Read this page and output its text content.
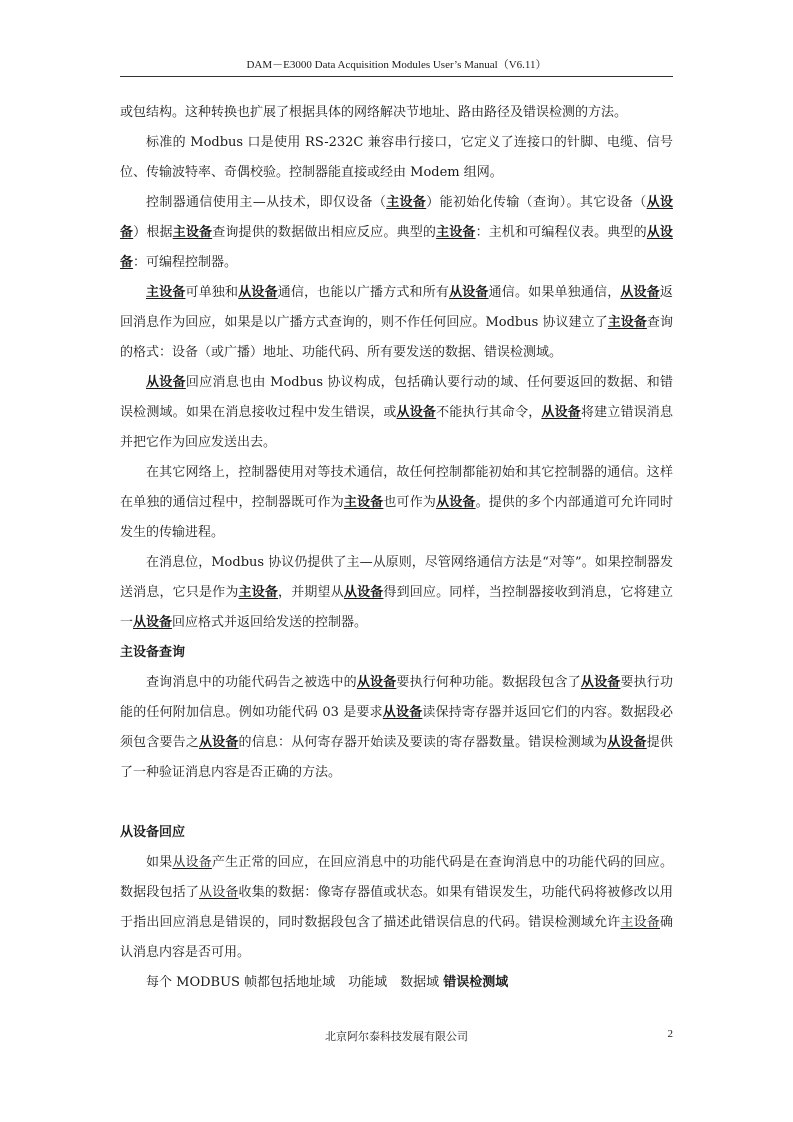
DAM－E3000 Data Acquisition Modules User’s Manual（V6.11）

或包结构。这种转换也扩展了根据具体的网络解决节地址、路由路径及错误检测的方法。

标准的 Modbus 口是使用 RS-232C 兼容串行接口，它定义了连接口的针脚、电缆、信号位、传输波特率、奇偶校验。控制器能直接或经由 Modem 组网。

控制器通信使用主—从技术，即仅设备（主设备）能初始化传输（查询）。其它设备（从设备）根据主设备查询提供的数据做出相应反应。典型的主设备：主机和可编程仪表。典型的从设备：可编程控制器。

主设备可单独和从设备通信，也能以广播方式和所有从设备通信。如果单独通信，从设备返回消息作为回应，如果是以广播方式查询的，则不作任何回应。Modbus 协议建立了主设备查询的格式：设备（或广播）地址、功能代码、所有要发送的数据、错误检测域。

从设备回应消息也由 Modbus 协议构成，包括确认要行动的域、任何要返回的数据、和错误检测域。如果在消息接收过程中发生错误，或从设备不能执行其命令，从设备将建立错误消息并把它作为回应发送出去。

在其它网络上，控制器使用对等技术通信，故任何控制都能初始和其它控制器的通信。这样在单独的通信过程中，控制器既可作为主设备也可作为从设备。提供的多个内部通道可允许同时发生的传输进程。

在消息位，Modbus 协议仍提供了主—从原则，尽管网络通信方法是“对等”。如果控制器发送消息，它只是作为主设备，并期望从从设备得到回应。同样，当控制器接收到消息，它将建立一从设备回应格式并返回给发送的控制器。

主设备查询

查询消息中的功能代码告之被选中的从设备要执行何种功能。数据段包含了从设备要执行功能的任何附加信息。例如功能代码 03 是要求从设备读保持寄存器并返回它们的内容。数据段必须包含要告之从设备的信息：从何寄存器开始读及要读的寄存器数量。错误检测域为从设备提供了一种验证消息内容是否正确的方法。

从设备回应

如果从设备产生正常的回应，在回应消息中的功能代码是在查询消息中的功能代码的回应。数据段包括了从设备收集的数据：像寄存器值或状态。如果有错误发生，功能代码将被修改以用于指出回应消息是错误的，同时数据段包含了描述此错误信息的代码。错误检测域允许主设备确认消息内容是否可用。

每个 MODBUS 帧都包括地址域　功能域　数据域 错误检测域

北京阿尔泰科技发展有限公司	2
